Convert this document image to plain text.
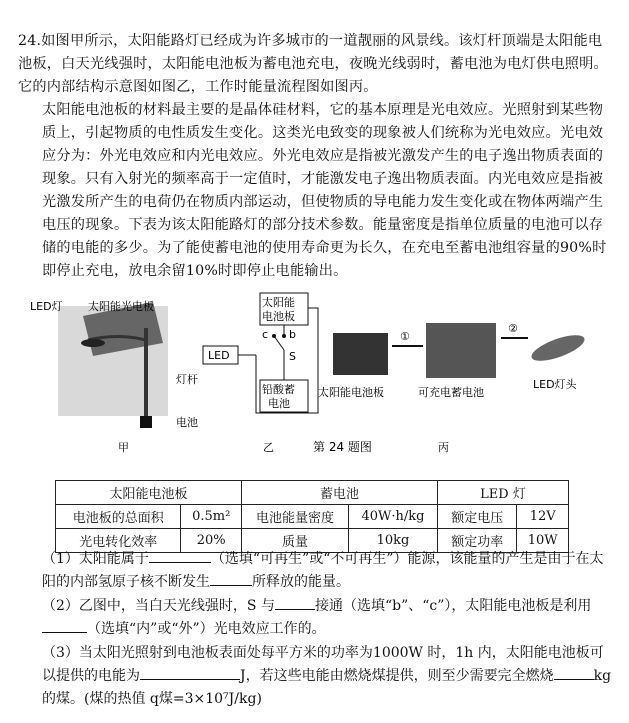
24.如图甲所示，太阳能路灯已经成为许多城市的一道靓丽的风景线。该灯杆顶端是太阳能电池板，白天光线强时，太阳能电池板为蓄电池充电，夜晚光线弱时，蓄电池为电灯供电照明。它的内部结构示意图如图乙，工作时能量流程图如图丙。
太阳能电池板的材料最主要的是晶体硅材料，它的基本原理是光电效应。光照射到某些物质上，引起物质的电性质发生变化。这类光电致变的现象被人们统称为光电效应。光电效应分为：外光电效应和内光电效应。外光电效应是指被光激发产生的电子逸出物质表面的现象。只有入射光的频率高于一定值时，才能激发电子逸出物质表面。内光电效应是指被光激发所产生的电荷仍在物质内部运动，但使物质的导电能力发生变化或在物体两端产生电压的现象。下表为该太阳能路灯的部分技术参数。能量密度是指单位质量的电池可以存储的电能的多少。为了能使蓄电池的使用寿命更为长久，在充电至蓄电池组容量的90%时即停止充电，放电余留10%时即停止电能输出。
LED灯 太阳能光电板
灯杆
电池
甲
太阳能
电池板
LED
铅酸蓄
电池
c b
S
乙
太阳能电池板
①
可充电蓄电池
②
LED灯头
丙
第 24 题图
太阳能电池板		蓄电池		LED 灯	
电池板的总面积	0.5m²	电池能量密度	40W·h/kg	额定电压	12V
光电转化效率	20%	质量	10kg	额定功率	10W
（1）太阳能属于	（选填“可再生”或“不可再生”）能源，该能量的产生是由于在太阳的内部氢原子核不断发生	所释放的能量。
（2）乙图中，当白天光线强时，S 与	接通（选填“b”、“c”），太阳能电池板是利用（选填“内”或“外”）光电效应工作的。
（3）当太阳光照射到电池板表面处每平方米的功率为1000W 时，1h 内，太阳能电池板可以提供的电能为	J，若这些电能由燃烧煤提供，则至少需要完全燃烧	kg 的煤。(煤的热值 q煤=3×10⁷J/kg)
